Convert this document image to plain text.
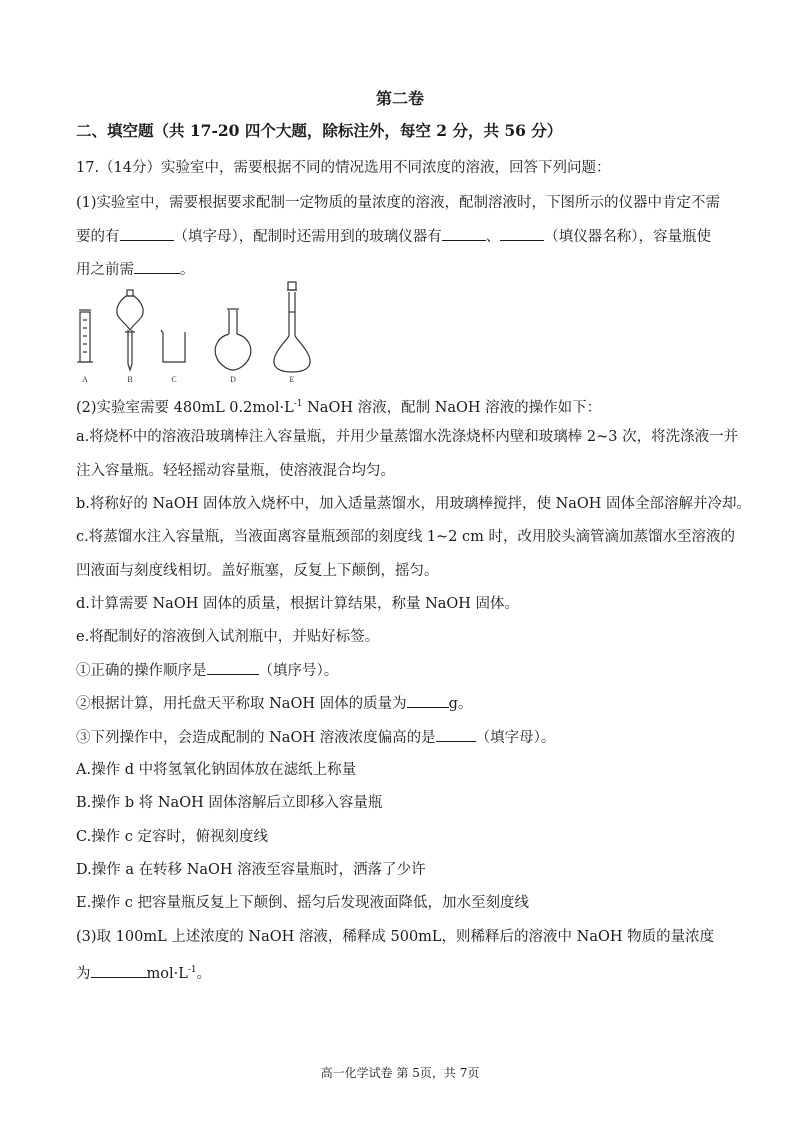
第二卷
二、填空题（共 17-20 四个大题，除标注外，每空 2 分，共 56 分）
17.（14分）实验室中，需要根据不同的情况选用不同浓度的溶液，回答下列问题：
(1)实验室中，需要根据要求配制一定物质的量浓度的溶液，配制溶液时，下图所示的仪器中肯定不需
要的有	（填字母），配制时还需用到的玻璃仪器有	、	（填仪器名称），容量瓶使
用之前需	。
A	B	C	D	E
(2)实验室需要 480mL $0.2mol\cdot L^{-1}$ NaOH 溶液，配制 NaOH 溶液的操作如下：
a.将烧杯中的溶液沿玻璃棒注入容量瓶，并用少量蒸馏水洗涤烧杯内壁和玻璃棒 2~3 次，将洗涤液一并
注入容量瓶。轻轻摇动容量瓶，使溶液混合均匀。
b.将称好的 NaOH 固体放入烧杯中，加入适量蒸馏水，用玻璃棒搅拌，使 NaOH 固体全部溶解并冷却。
c.将蒸馏水注入容量瓶，当液面离容量瓶颈部的刻度线 1~2 cm 时，改用胶头滴管滴加蒸馏水至溶液的
凹液面与刻度线相切。盖好瓶塞，反复上下颠倒，摇匀。
d.计算需要 NaOH 固体的质量，根据计算结果，称量 NaOH 固体。
e.将配制好的溶液倒入试剂瓶中，并贴好标签。
①正确的操作顺序是	（填序号）。
②根据计算，用托盘天平称取 NaOH 固体的质量为	g。
③下列操作中，会造成配制的 NaOH 溶液浓度偏高的是	（填字母）。
A.操作 d 中将氢氧化钠固体放在滤纸上称量
B.操作 b 将 NaOH 固体溶解后立即移入容量瓶
C.操作 c 定容时，俯视刻度线
D.操作 a 在转移 NaOH 溶液至容量瓶时，洒落了少许
E.操作 c 把容量瓶反复上下颠倒、摇匀后发现液面降低，加水至刻度线
(3)取 100mL 上述浓度的 NaOH 溶液，稀释成 500mL，则稀释后的溶液中 NaOH 物质的量浓度
为	$mol\cdot L^{-1}$。
高一化学试卷 第 5页，共 7页
